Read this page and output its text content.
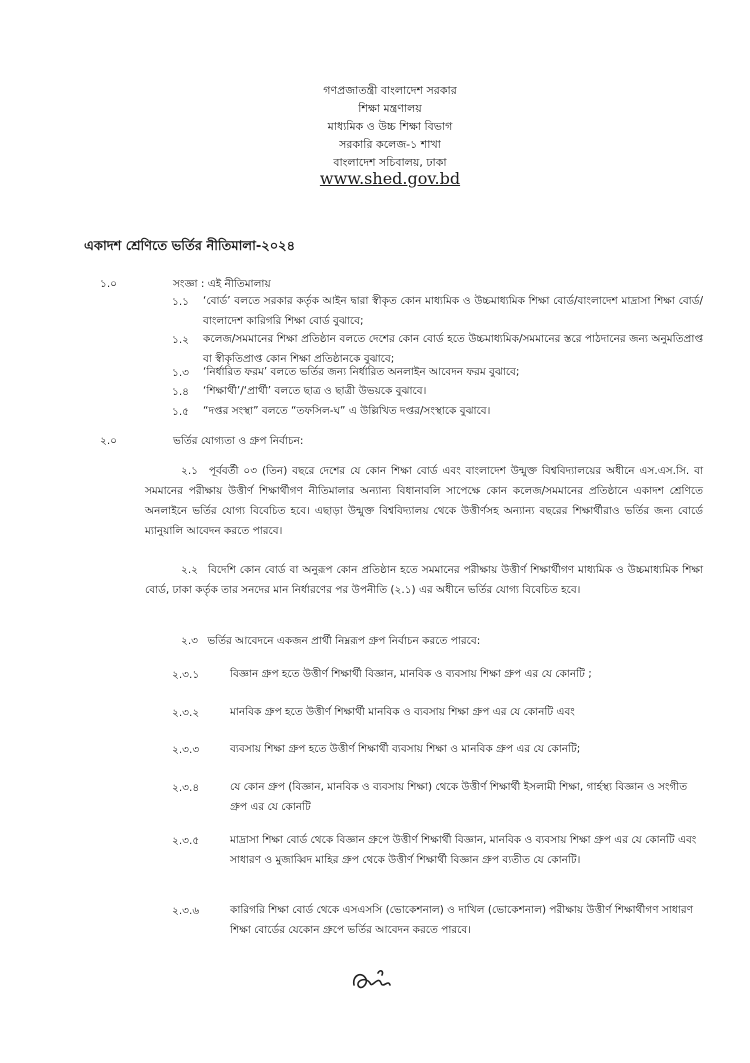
গণপ্রজাতন্ত্রী বাংলাদেশ সরকার
শিক্ষা মন্ত্রণালয়
মাধ্যমিক ও উচ্চ শিক্ষা বিভাগ
সরকারি কলেজ-১ শাখা
বাংলাদেশ সচিবালয়, ঢাকা
www.shed.gov.bd
একাদশ শ্রেণিতে ভর্তির নীতিমালা-২০২৪
১.০	সংজ্ঞা : এই নীতিমালায়
১.১ ‘বোর্ড’ বলতে সরকার কর্তৃক আইন দ্বারা স্বীকৃত কোন মাধ্যমিক ও উচ্চমাধ্যমিক শিক্ষা বোর্ড/বাংলাদেশ মাদ্রাসা শিক্ষা বোর্ড/ বাংলাদেশ কারিগরি শিক্ষা বোর্ড বুঝাবে;
১.২ কলেজ/সমমানের শিক্ষা প্রতিষ্ঠান বলতে দেশের কোন বোর্ড হতে উচ্চমাধ্যমিক/সমমানের স্তরে পাঠদানের জন্য অনুমতিপ্রাপ্ত বা স্বীকৃতিপ্রাপ্ত কোন শিক্ষা প্রতিষ্ঠানকে বুঝাবে;
১.৩ ‘নির্ধারিত ফরম’ বলতে ভর্তির জন্য নির্ধারিত অনলাইন আবেদন ফরম বুঝাবে;
১.৪ ‘শিক্ষার্থী’/‘প্রার্থী’ বলতে ছাত্র ও ছাত্রী উভয়কে বুঝাবে।
১.৫ “দপ্তর সংস্থা” বলতে “তফসিল-ঘ” এ উল্লিখিত দপ্তর/সংস্থাকে বুঝাবে।
২.০	ভর্তির যোগ্যতা ও গ্রুপ নির্বাচন:
২.১ পূর্ববর্তী ০৩ (তিন) বছরে দেশের যে কোন শিক্ষা বোর্ড এবং বাংলাদেশ উন্মুক্ত বিশ্ববিদ্যালয়ের অধীনে এস.এস.সি. বা সমমানের পরীক্ষায় উত্তীর্ণ শিক্ষার্থীগণ নীতিমালার অন্যান্য বিধানাবলি সাপেক্ষে কোন কলেজ/সমমানের প্রতিষ্ঠানে একাদশ শ্রেণিতে অনলাইনে ভর্তির যোগ্য বিবেচিত হবে। এছাড়া উন্মুক্ত বিশ্ববিদ্যালয় থেকে উত্তীর্ণসহ অন্যান্য বছরের শিক্ষার্থীরাও ভর্তির জন্য বোর্ডে ম্যানুয়ালি আবেদন করতে পারবে।
২.২ বিদেশি কোন বোর্ড বা অনুরূপ কোন প্রতিষ্ঠান হতে সমমানের পরীক্ষায় উত্তীর্ণ শিক্ষার্থীগণ মাধ্যমিক ও উচ্চমাধ্যমিক শিক্ষা বোর্ড, ঢাকা কর্তৃক তার সনদের মান নির্ধারণের পর উপনীতি (২.১) এর অধীনে ভর্তির যোগ্য বিবেচিত হবে।
২.৩ ভর্তির আবেদনে একজন প্রার্থী নিম্নরূপ গ্রুপ নির্বাচন করতে পারবে:
২.৩.১	বিজ্ঞান গ্রুপ হতে উত্তীর্ণ শিক্ষার্থী বিজ্ঞান, মানবিক ও ব্যবসায় শিক্ষা গ্রুপ এর যে কোনটি ;
২.৩.২	মানবিক গ্রুপ হতে উত্তীর্ণ শিক্ষার্থী মানবিক ও ব্যবসায় শিক্ষা গ্রুপ এর যে কোনটি এবং
২.৩.৩	ব্যবসায় শিক্ষা গ্রুপ হতে উত্তীর্ণ শিক্ষার্থী ব্যবসায় শিক্ষা ও মানবিক গ্রুপ এর যে কোনটি;
২.৩.৪	যে কোন গ্রুপ (বিজ্ঞান, মানবিক ও ব্যবসায় শিক্ষা) থেকে উত্তীর্ণ শিক্ষার্থী ইসলামী শিক্ষা, গার্হস্থ্য বিজ্ঞান ও সংগীত গ্রুপ এর যে কোনটি
২.৩.৫	মাদ্রাসা শিক্ষা বোর্ড থেকে বিজ্ঞান গ্রুপে উত্তীর্ণ শিক্ষার্থী বিজ্ঞান, মানবিক ও ব্যবসায় শিক্ষা গ্রুপ এর যে কোনটি এবং সাধারণ ও মুজাব্বিদ মাহির গ্রুপ থেকে উত্তীর্ণ শিক্ষার্থী বিজ্ঞান গ্রুপ ব্যতীত যে কোনটি।
২.৩.৬	কারিগরি শিক্ষা বোর্ড থেকে এসএসসি (ভোকেশনাল) ও দাখিল (ভোকেশনাল) পরীক্ষায় উত্তীর্ণ শিক্ষার্থীগণ সাধারণ শিক্ষা বোর্ডের যেকোন গ্রুপে ভর্তির আবেদন করতে পারবে।
